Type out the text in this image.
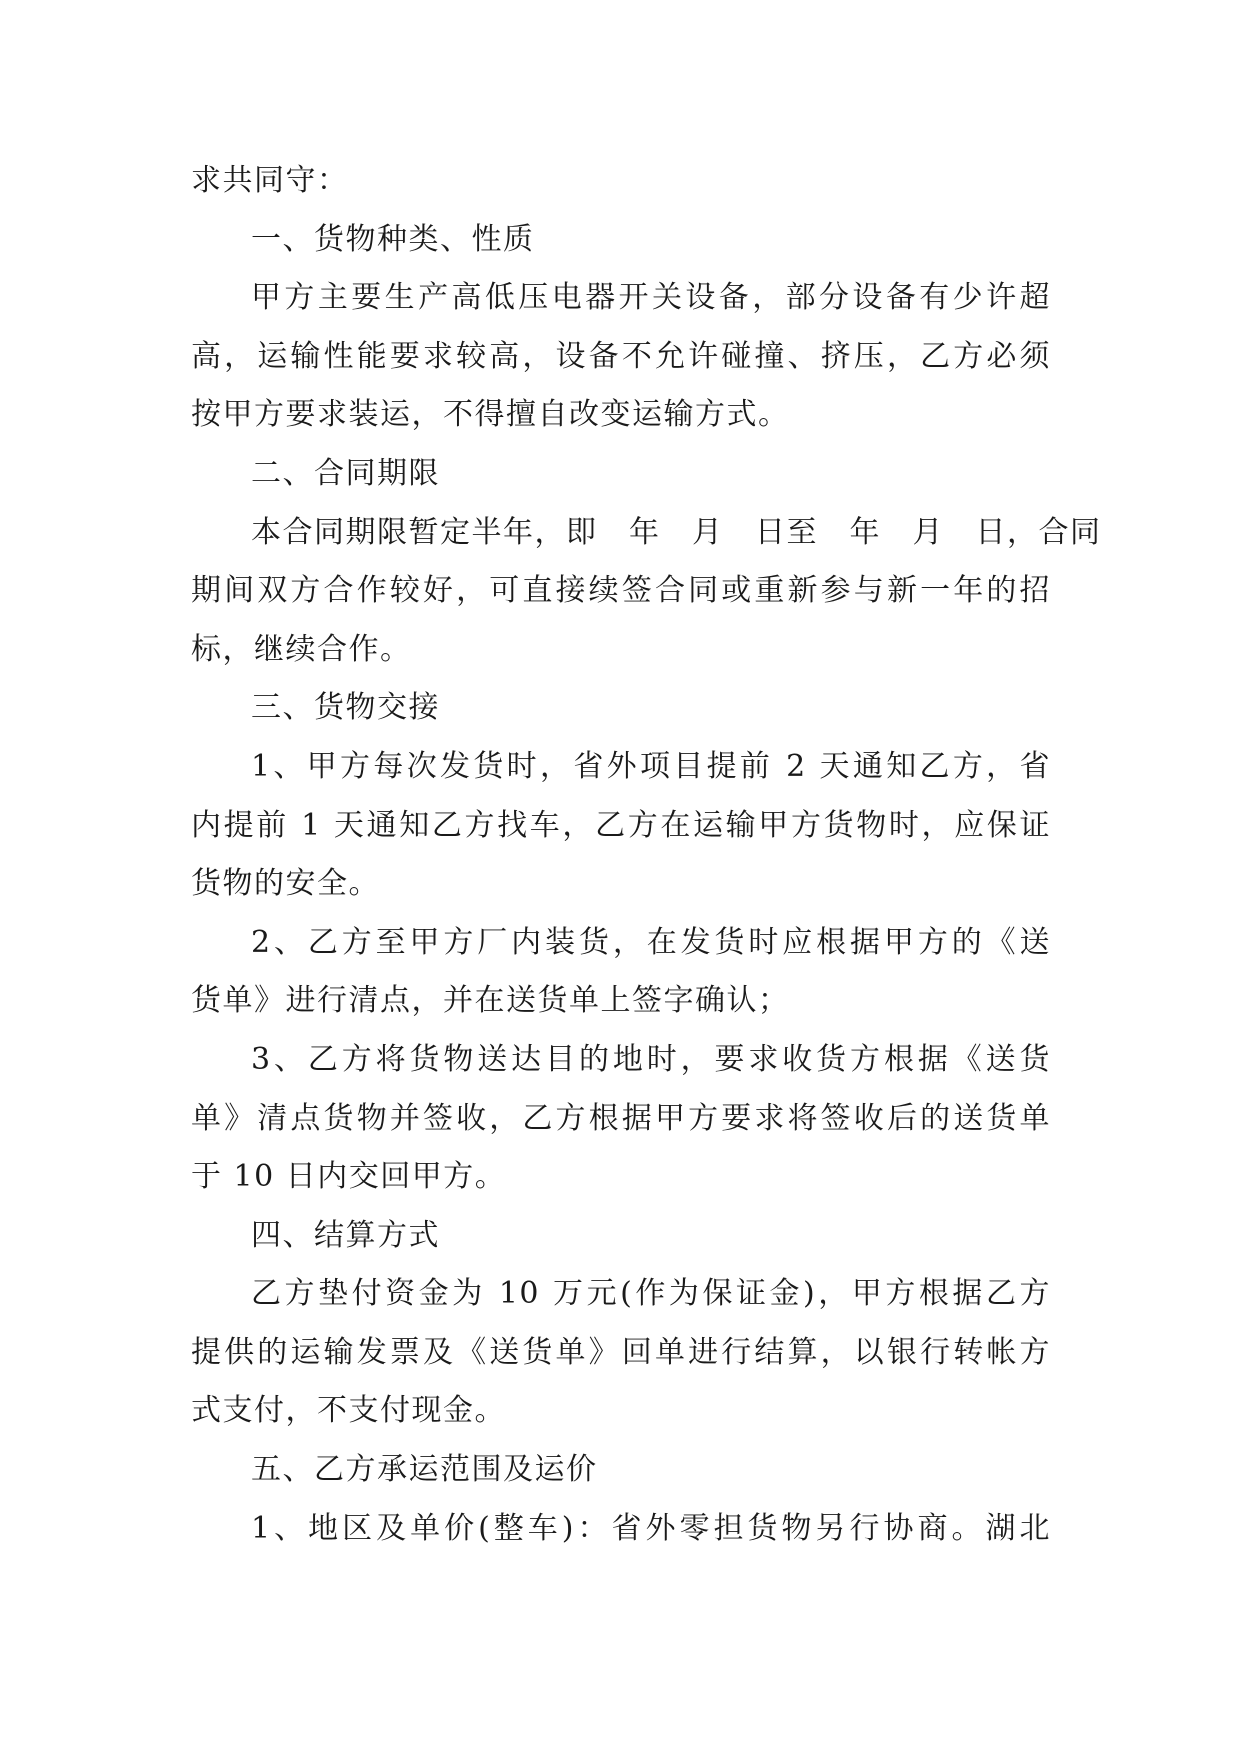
求共同守：
一、货物种类、性质
甲方主要生产高低压电器开关设备，部分设备有少许超
高，运输性能要求较高，设备不允许碰撞、挤压，乙方必须
按甲方要求装运，不得擅自改变运输方式。
二、合同期限
本合同期限暂定半年，即　年　月　日至　年　月　日，合同
期间双方合作较好，可直接续签合同或重新参与新一年的招
标，继续合作。
三、货物交接
1、甲方每次发货时，省外项目提前 2 天通知乙方，省
内提前 1 天通知乙方找车，乙方在运输甲方货物时，应保证
货物的安全。
2、乙方至甲方厂内装货，在发货时应根据甲方的《送
货单》进行清点，并在送货单上签字确认；
3、乙方将货物送达目的地时，要求收货方根据《送货
单》清点货物并签收，乙方根据甲方要求将签收后的送货单
于 10 日内交回甲方。
四、结算方式
乙方垫付资金为 10 万元(作为保证金)，甲方根据乙方
提供的运输发票及《送货单》回单进行结算，以银行转帐方
式支付，不支付现金。
五、乙方承运范围及运价
1、地区及单价(整车)：省外零担货物另行协商。湖北
